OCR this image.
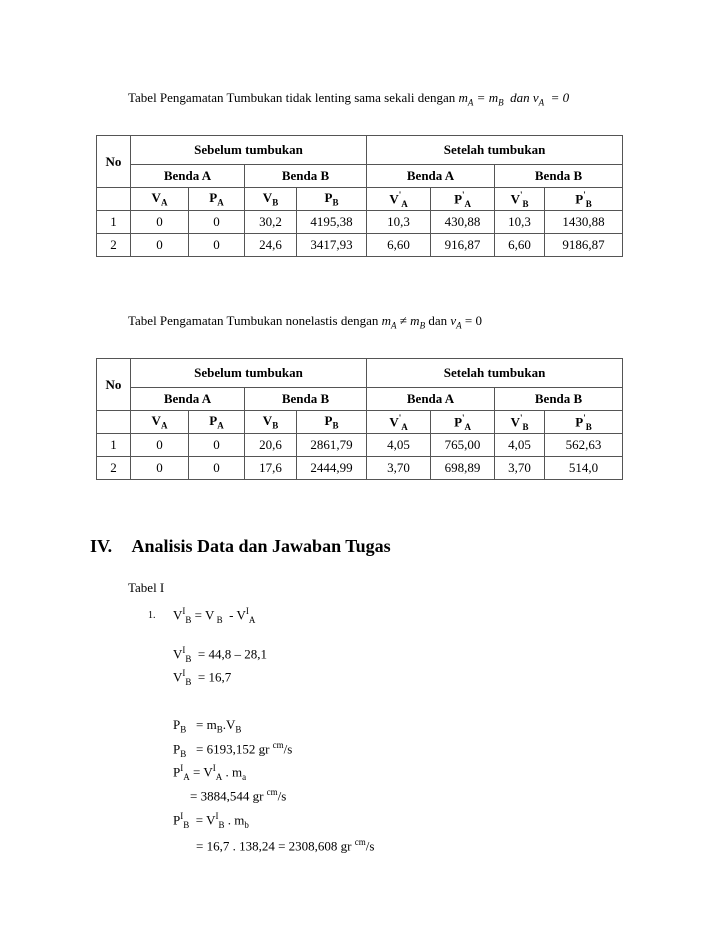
Tabel Pengamatan Tumbukan tidak lenting sama sekali dengan $m_A = m_B$  dan $v_A = 0$
No	Sebelum tumbukan				Setelah tumbukan			
	Benda A		Benda B		Benda A		Benda B	
	$V_A$	$P_A$	$V_B$	$P_B$	$V'_A$	$P'_A$	$V'_B$	$P'_B$
1	0	0	30,2	4195,38	10,3	430,88	10,3	1430,88
2	0	0	24,6	3417,93	6,60	916,87	6,60	9186,87
Tabel Pengamatan Tumbukan nonelastis dengan $m_A \ne m_B$ dan $v_A = 0$
No	Sebelum tumbukan				Setelah tumbukan			
	Benda A		Benda B		Benda A		Benda B	
	$V_A$	$P_A$	$V_B$	$P_B$	$V'_A$	$P'_A$	$V'_B$	$P'_B$
1	0	0	20,6	2861,79	4,05	765,00	4,05	562,63
2	0	0	17,6	2444,99	3,70	698,89	3,70	514,0
IV. Analisis Data dan Jawaban Tugas
Tabel I
1. $V^I_B = V$ $_B - V^I_A$
$V^I_B = 44,8 - 28,1$
$V^I_B = 16,7$
$P_B = m_B.V_B$
$P_B = 6193,152$ gr $^{cm}$/s
$P^I_A = V^I_A$ . $m_a$
= 3884,544 gr $^{cm}$/s
$P^I_B = V^I_B$ . $m_b$
= 16,7 . 138,24 = 2308,608 gr $^{cm}$/s
